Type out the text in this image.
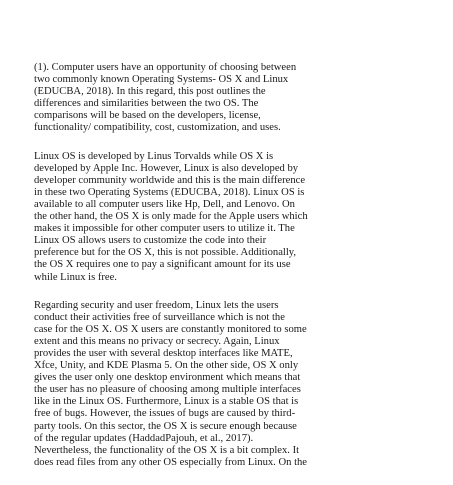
(1). Computer users have an opportunity of choosing between
two commonly known Operating Systems- OS X and Linux
(EDUCBA, 2018). In this regard, this post outlines the
differences and similarities between the two OS. The
comparisons will be based on the developers, license,
functionality/ compatibility, cost, customization, and uses.
Linux OS is developed by Linus Torvalds while OS X is
developed by Apple Inc. However, Linux is also developed by
developer community worldwide and this is the main difference
in these two Operating Systems (EDUCBA, 2018). Linux OS is
available to all computer users like Hp, Dell, and Lenovo. On
the other hand, the OS X is only made for the Apple users which
makes it impossible for other computer users to utilize it. The
Linux OS allows users to customize the code into their
preference but for the OS X, this is not possible. Additionally,
the OS X requires one to pay a significant amount for its use
while Linux is free.
Regarding security and user freedom, Linux lets the users
conduct their activities free of surveillance which is not the
case for the OS X. OS X users are constantly monitored to some
extent and this means no privacy or secrecy. Again, Linux
provides the user with several desktop interfaces like MATE,
Xfce, Unity, and KDE Plasma 5. On the other side, OS X only
gives the user only one desktop environment which means that
the user has no pleasure of choosing among multiple interfaces
like in the Linux OS. Furthermore, Linux is a stable OS that is
free of bugs. However, the issues of bugs are caused by third-
party tools. On this sector, the OS X is secure enough because
of the regular updates (HaddadPajouh, et al., 2017).
Nevertheless, the functionality of the OS X is a bit complex. It
does read files from any other OS especially from Linux. On the
